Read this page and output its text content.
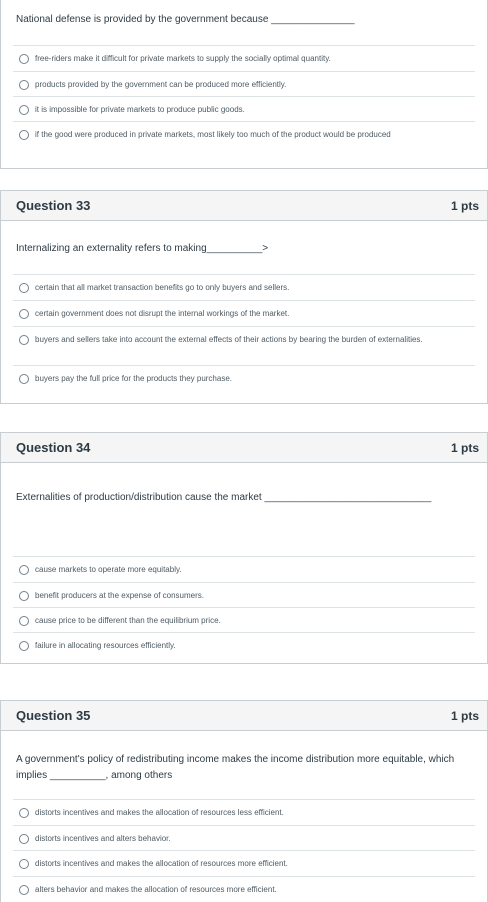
National defense is provided by the government because _______________
free-riders make it difficult for private markets to supply the socially optimal quantity.
products provided by the government can be produced more efficiently.
it is impossible for private markets to produce public goods.
if the good were produced in private markets, most likely too much of the product would be produced
Question 33	1 pts
Internalizing an externality refers to making__________>
certain that all market transaction benefits go to only buyers and sellers.
certain government does not disrupt the internal workings of the market.
buyers and sellers take into account the external effects of their actions by bearing the burden of externalities.
buyers pay the full price for the products they purchase.
Question 34	1 pts
Externalities of production/distribution cause the market ______________________________
cause markets to operate more equitably.
benefit producers at the expense of consumers.
cause price to be different than the equilibrium price.
failure in allocating resources efficiently.
Question 35	1 pts
A government's policy of redistributing income makes the income distribution more equitable, which implies __________, among others
distorts incentives and makes the allocation of resources less efficient.
distorts incentives and alters behavior.
distorts incentives and makes the allocation of resources more efficient.
alters behavior and makes the allocation of resources more efficient.
